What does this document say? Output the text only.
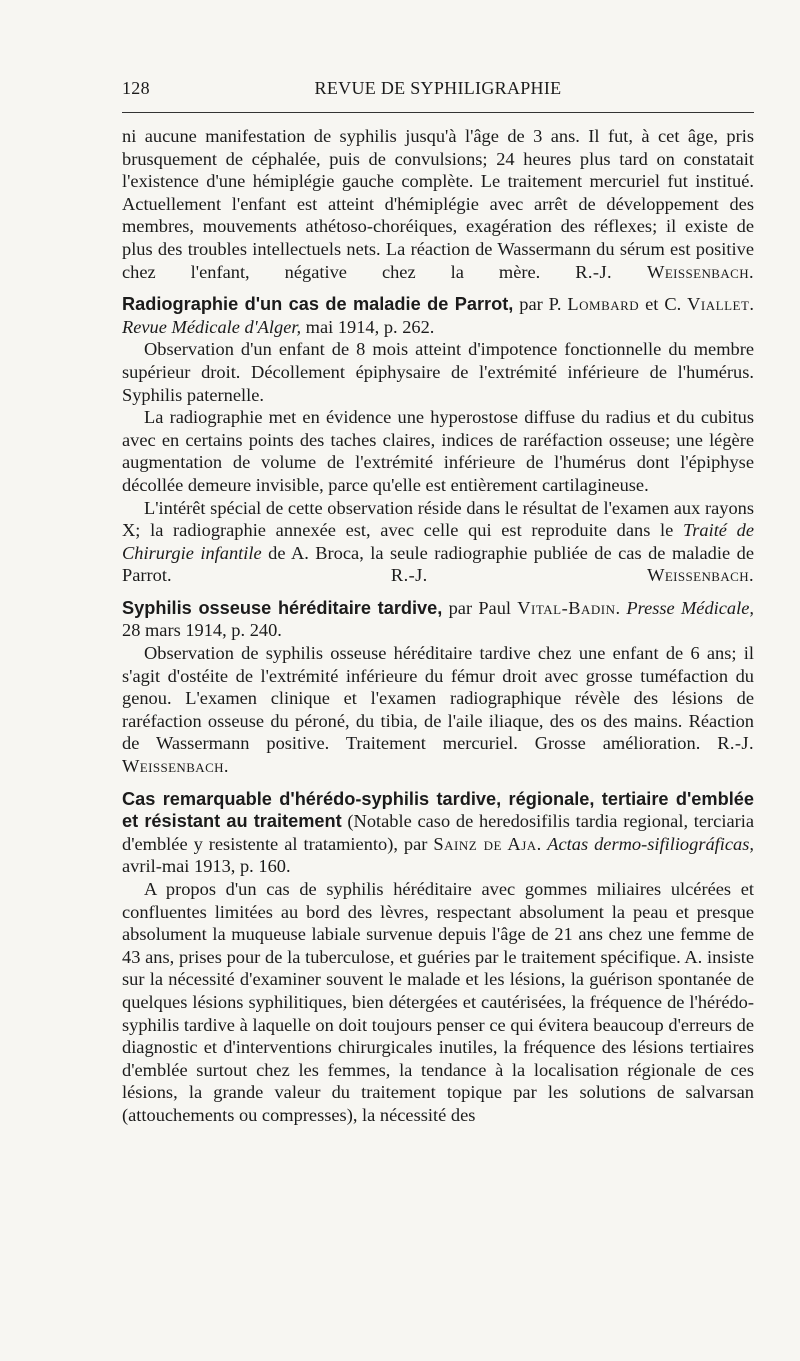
128	REVUE DE SYPHILIGRAPHIE

ni aucune manifestation de syphilis jusqu'à l'âge de 3 ans. Il fut, à cet âge, pris brusquement de céphalée, puis de convulsions; 24 heures plus tard on constatait l'existence d'une hémiplégie gauche complète. Le traitement mercuriel fut institué. Actuellement l'enfant est atteint d'hémiplégie avec arrêt de développement des membres, mouvements athétoso-choréiques, exagération des réflexes; il existe de plus des troubles intellectuels nets. La réaction de Wassermann du sérum est positive chez l'enfant, négative chez la mère. R.-J. Weissenbach.

Radiographie d'un cas de maladie de Parrot, par P. Lombard et C. Viallet. Revue Médicale d'Alger, mai 1914, p. 262.

Observation d'un enfant de 8 mois atteint d'impotence fonctionnelle du membre supérieur droit. Décollement épiphysaire de l'extrémité inférieure de l'humérus. Syphilis paternelle.

La radiographie met en évidence une hyperostose diffuse du radius et du cubitus avec en certains points des taches claires, indices de raréfaction osseuse; une légère augmentation de volume de l'extrémité inférieure de l'humérus dont l'épiphyse décollée demeure invisible, parce qu'elle est entièrement cartilagineuse.

L'intérêt spécial de cette observation réside dans le résultat de l'examen aux rayons X; la radiographie annexée est, avec celle qui est reproduite dans le Traité de Chirurgie infantile de A. Broca, la seule radiographie publiée de cas de maladie de Parrot.	R.-J. Weissenbach.

Syphilis osseuse héréditaire tardive, par Paul Vital-Badin. Presse Médicale, 28 mars 1914, p. 240.

Observation de syphilis osseuse héréditaire tardive chez une enfant de 6 ans; il s'agit d'ostéite de l'extrémité inférieure du fémur droit avec grosse tuméfaction du genou. L'examen clinique et l'examen radiographique révèle des lésions de raréfaction osseuse du péroné, du tibia, de l'aile iliaque, des os des mains. Réaction de Wassermann positive. Traitement mercuriel. Grosse amélioration. R.-J. Weissenbach.

Cas remarquable d'hérédo-syphilis tardive, régionale, tertiaire d'emblée et résistant au traitement (Notable caso de heredosifilis tardia regional, terciaria d'emblée y resistente al tratamiento), par Sainz de Aja. Actas dermo-sifiliográficas, avril-mai 1913, p. 160.

A propos d'un cas de syphilis héréditaire avec gommes miliaires ulcérées et confluentes limitées au bord des lèvres, respectant absolument la peau et presque absolument la muqueuse labiale survenue depuis l'âge de 21 ans chez une femme de 43 ans, prises pour de la tuberculose, et guéries par le traitement spécifique. A. insiste sur la nécessité d'examiner souvent le malade et les lésions, la guérison spontanée de quelques lésions syphilitiques, bien détergées et cautérisées, la fréquence de l'hérédo-syphilis tardive à laquelle on doit toujours penser ce qui évitera beaucoup d'erreurs de diagnostic et d'interventions chirurgicales inutiles, la fréquence des lésions tertiaires d'emblée surtout chez les femmes, la tendance à la localisation régionale de ces lésions, la grande valeur du traitement topique par les solutions de salvarsan (attouchements ou compresses), la nécessité des
